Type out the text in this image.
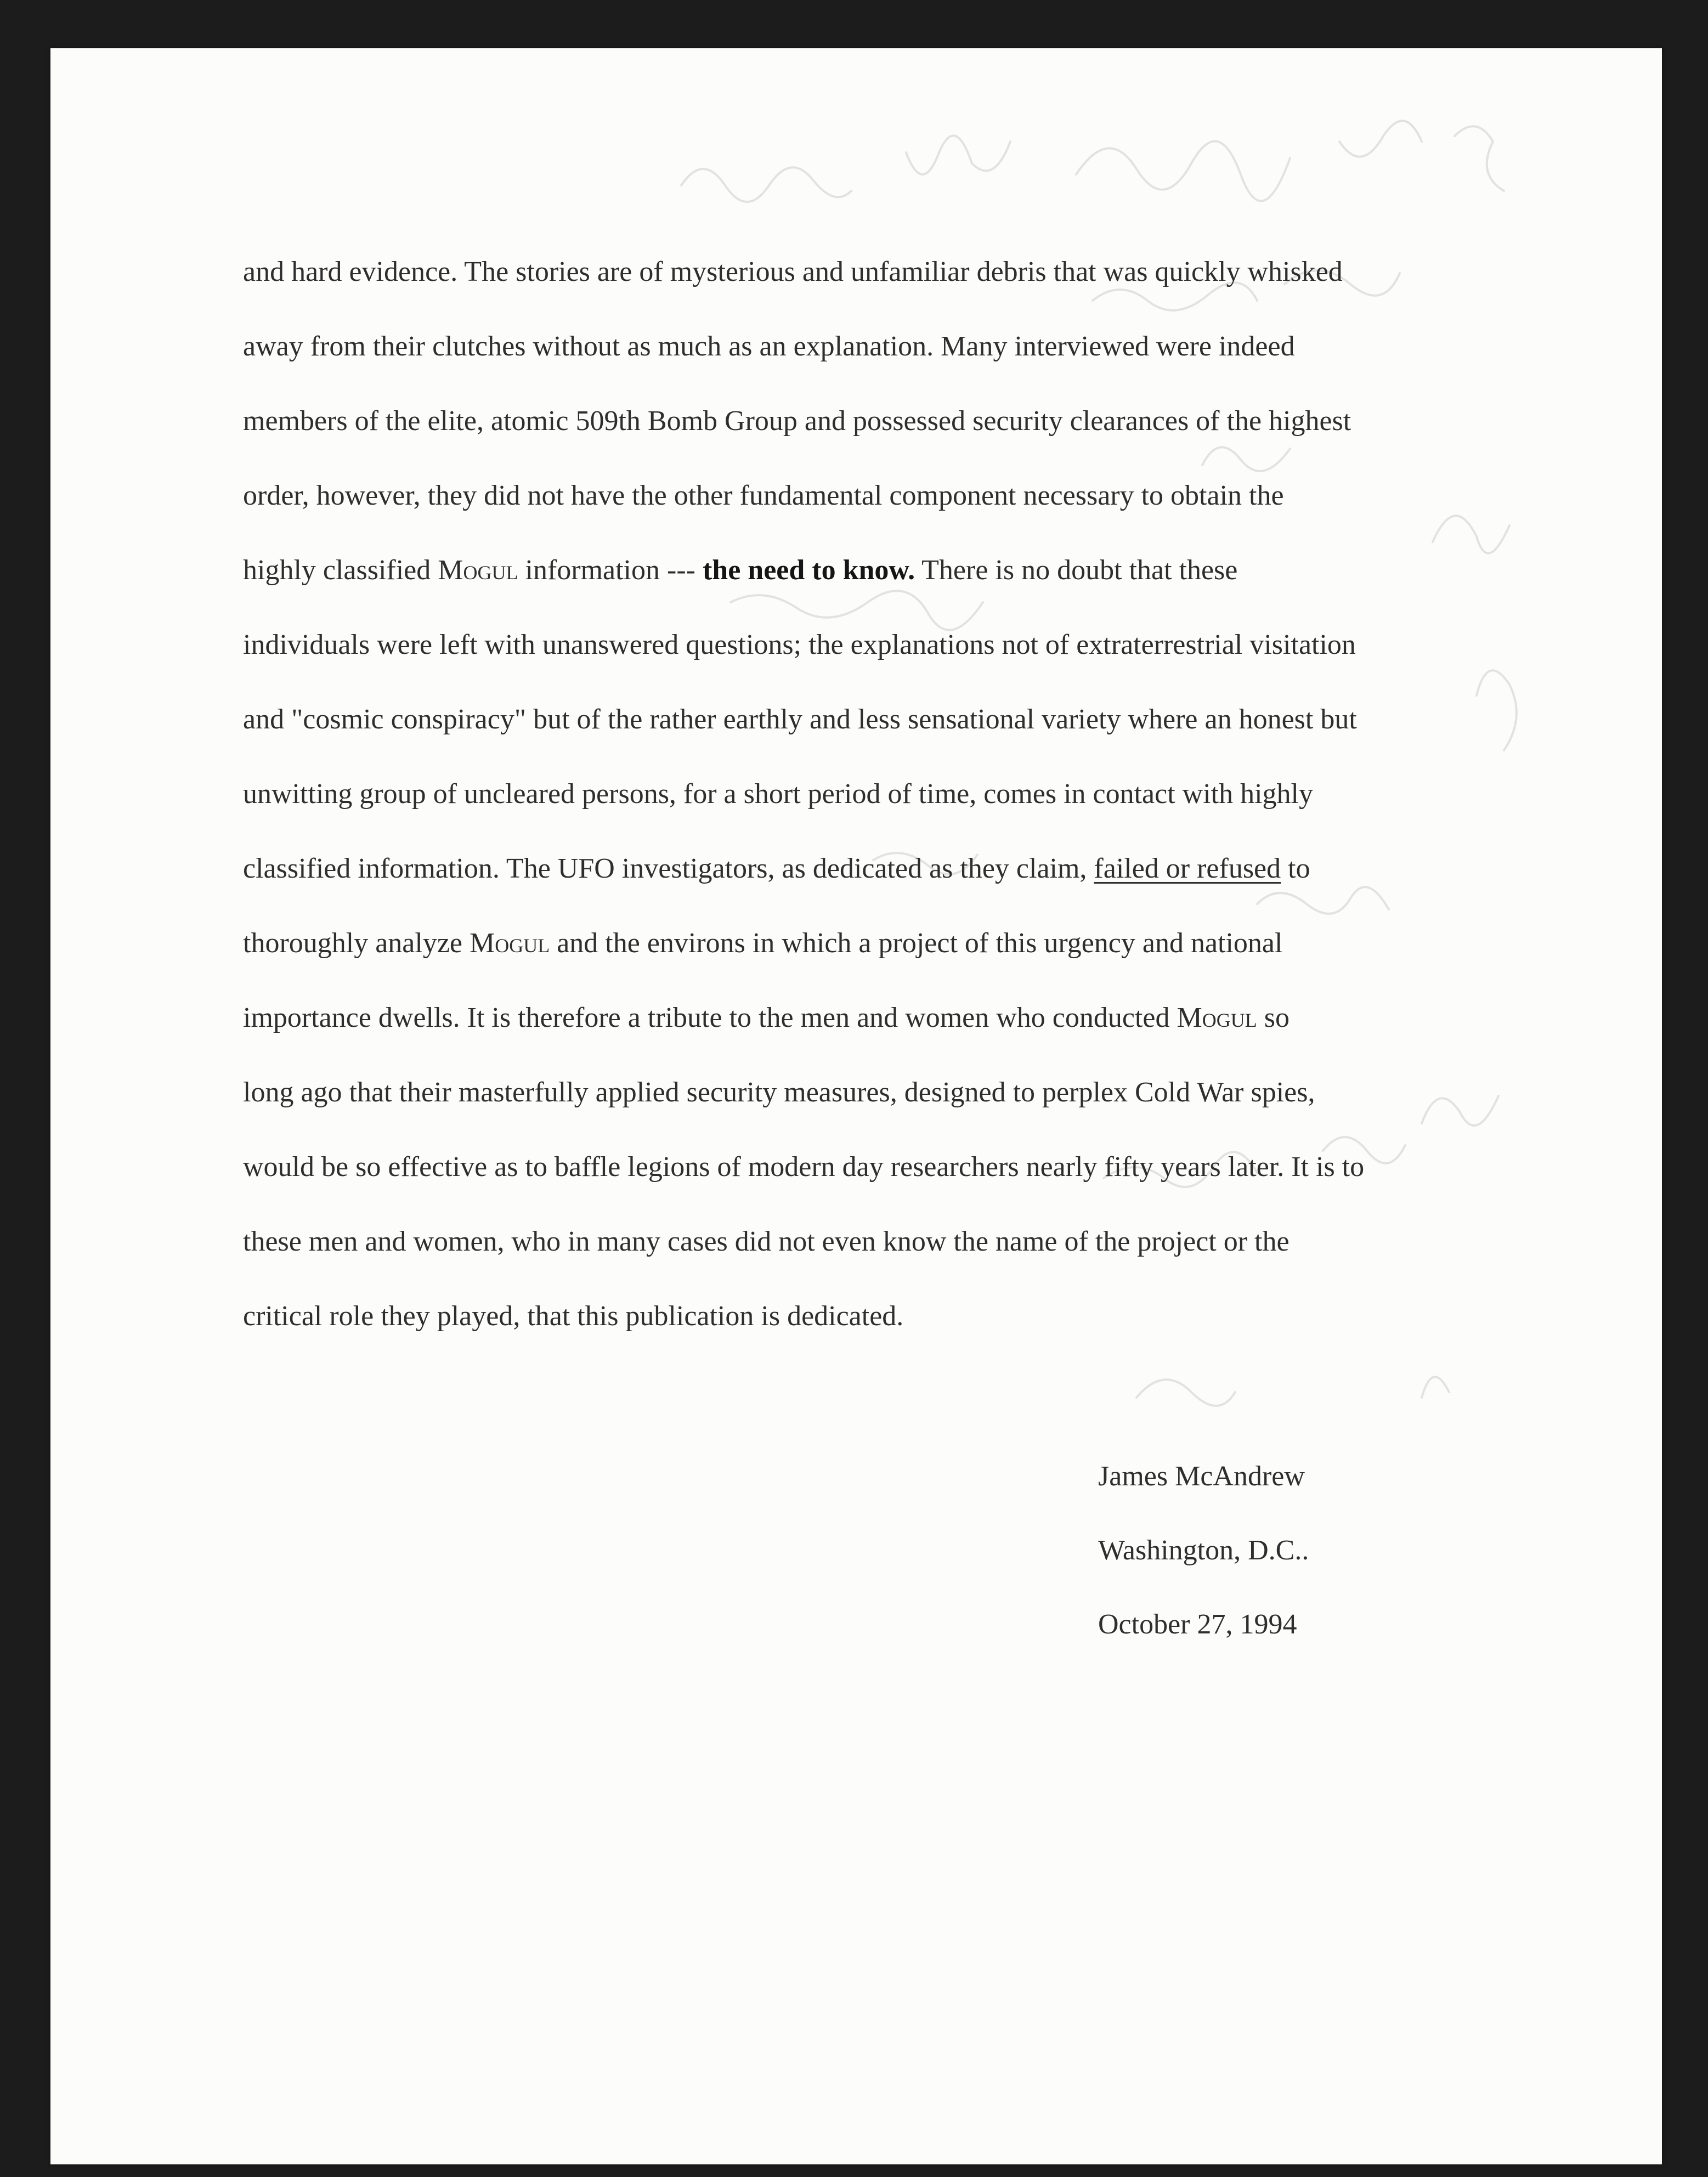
and hard evidence. The stories are of mysterious and unfamiliar debris that was quickly whisked
away from their clutches without as much as an explanation. Many interviewed were indeed
members of the elite, atomic 509th Bomb Group and possessed security clearances of the highest
order, however, they did not have the other fundamental component necessary to obtain the
highly classified Mogul information --- the need to know. There is no doubt that these
individuals were left with unanswered questions; the explanations not of extraterrestrial visitation
and "cosmic conspiracy" but of the rather earthly and less sensational variety where an honest but
unwitting group of uncleared persons, for a short period of time, comes in contact with highly
classified information. The UFO investigators, as dedicated as they claim, failed or refused to
thoroughly analyze Mogul and the environs in which a project of this urgency and national
importance dwells. It is therefore a tribute to the men and women who conducted Mogul so
long ago that their masterfully applied security measures, designed to perplex Cold War spies,
would be so effective as to baffle legions of modern day researchers nearly fifty years later. It is to
these men and women, who in many cases did not even know the name of the project or the
critical role they played, that this publication is dedicated.
James McAndrew
Washington, D.C..
October 27, 1994
